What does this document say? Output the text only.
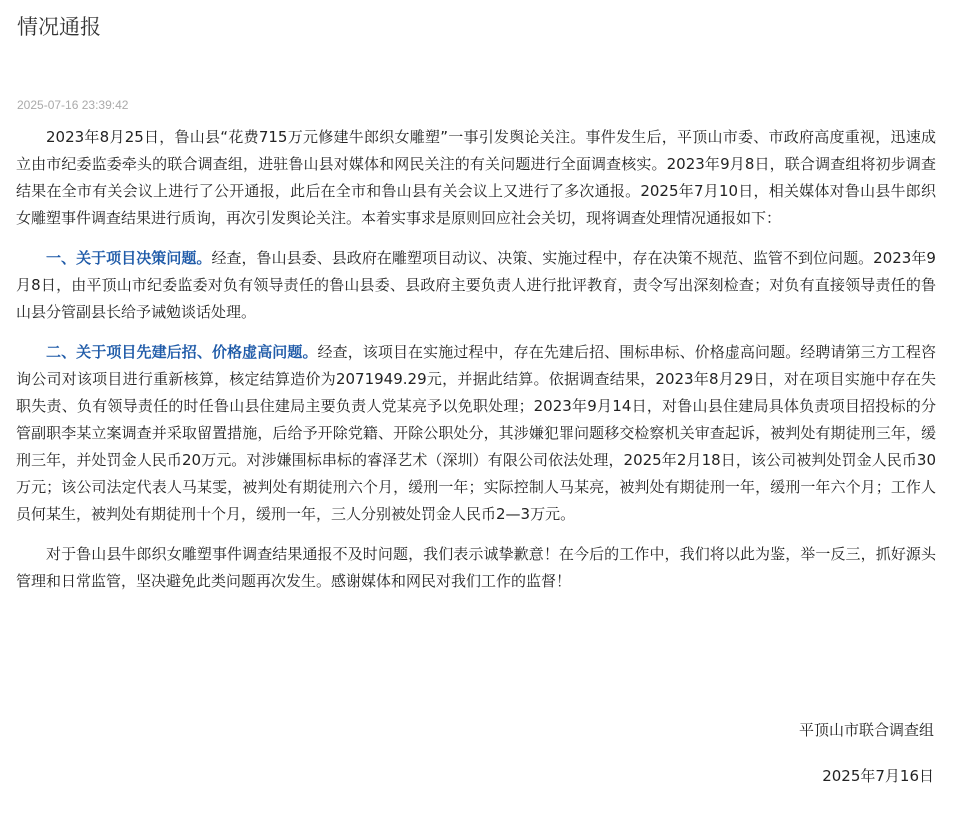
情况通报
2025-07-16 23:39:42

2023年8月25日，鲁山县“花费715万元修建牛郎织女雕塑”一事引发舆论关注。事件发生后，平顶山市委、市政府高度重视，迅速成立由市纪委监委牵头的联合调查组，进驻鲁山县对媒体和网民关注的有关问题进行全面调查核实。2023年9月8日，联合调查组将初步调查结果在全市有关会议上进行了公开通报，此后在全市和鲁山县有关会议上又进行了多次通报。2025年7月10日，相关媒体对鲁山县牛郎织女雕塑事件调查结果进行质询，再次引发舆论关注。本着实事求是原则回应社会关切，现将调查处理情况通报如下：

一、关于项目决策问题。经查，鲁山县委、县政府在雕塑项目动议、决策、实施过程中，存在决策不规范、监管不到位问题。2023年9月8日，由平顶山市纪委监委对负有领导责任的鲁山县委、县政府主要负责人进行批评教育，责令写出深刻检查；对负有直接领导责任的鲁山县分管副县长给予诫勉谈话处理。

二、关于项目先建后招、价格虚高问题。经查，该项目在实施过程中，存在先建后招、围标串标、价格虚高问题。经聘请第三方工程咨询公司对该项目进行重新核算，核定结算造价为2071949.29元，并据此结算。依据调查结果，2023年8月29日，对在项目实施中存在失职失责、负有领导责任的时任鲁山县住建局主要负责人党某亮予以免职处理；2023年9月14日，对鲁山县住建局具体负责项目招投标的分管副职李某立案调查并采取留置措施，后给予开除党籍、开除公职处分，其涉嫌犯罪问题移交检察机关审查起诉，被判处有期徒刑三年，缓刑三年，并处罚金人民币20万元。对涉嫌围标串标的睿泽艺术（深圳）有限公司依法处理，2025年2月18日，该公司被判处罚金人民币30万元；该公司法定代表人马某雯，被判处有期徒刑六个月，缓刑一年；实际控制人马某亮，被判处有期徒刑一年，缓刑一年六个月；工作人员何某生，被判处有期徒刑十个月，缓刑一年，三人分别被处罚金人民币2—3万元。

对于鲁山县牛郎织女雕塑事件调查结果通报不及时问题，我们表示诚挚歉意！在今后的工作中，我们将以此为鉴，举一反三，抓好源头管理和日常监管，坚决避免此类问题再次发生。感谢媒体和网民对我们工作的监督！

平顶山市联合调查组
2025年7月16日
